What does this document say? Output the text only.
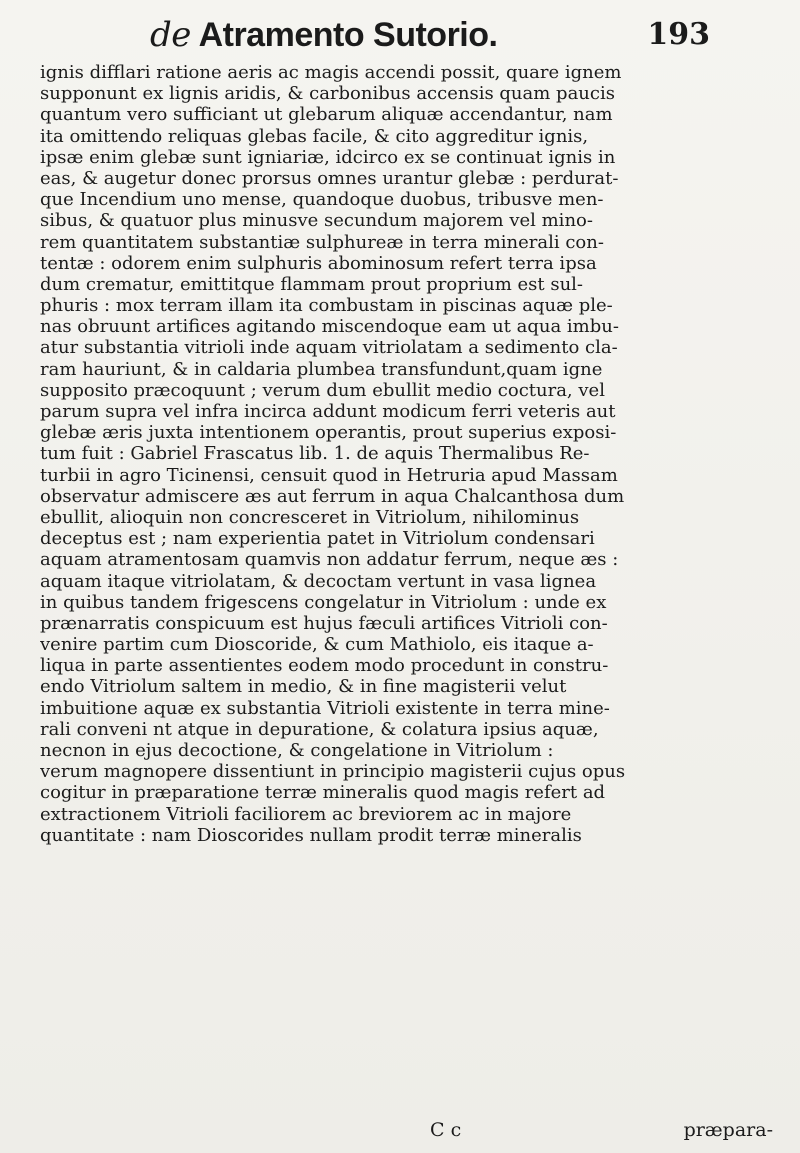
de Atramento Sutorio.	193
ignis difflari ratione aeris ac magis accendi possit, quare ignem
supponunt ex lignis aridis, & carbonibus accensis quam paucis
quantum vero sufficiant ut glebarum aliquæ accendantur, nam
ita omittendo reliquas glebas facile, & cito aggreditur ignis,
ipsæ enim glebæ sunt igniariæ, idcirco ex se continuat ignis in
eas, & augetur donec prorsus omnes urantur glebæ : perdurat-
que Incendium uno mense, quandoque duobus, tribusve men-
sibus, & quatuor plus minusve secundum majorem vel mino-
rem quantitatem substantiæ sulphureæ in terra minerali con-
tentæ : odorem enim sulphuris abominosum refert terra ipsa
dum crematur, emittitque flammam prout proprium est sul-
phuris : mox terram illam ita combustam in piscinas aquæ ple-
nas obruunt artifices agitando miscendoque eam ut aqua imbu-
atur substantia vitrioli inde aquam vitriolatam a sedimento cla-
ram hauriunt, & in caldaria plumbea transfundunt,quam igne
supposito præcoquunt ; verum dum ebullit medio coctura, vel
parum supra vel infra incirca addunt modicum ferri veteris aut
glebæ æris juxta intentionem operantis, prout superius exposi-
tum fuit : Gabriel Frascatus lib. 1. de aquis Thermalibus Re-
turbii in agro Ticinensi, censuit quod in Hetruria apud Massam
observatur admiscere æs aut ferrum in aqua Chalcanthosa dum
ebullit, alioquin non concresceret in Vitriolum, nihilominus
deceptus est ; nam experientia patet in Vitriolum condensari
aquam atramentosam quamvis non addatur ferrum, neque æs :
aquam itaque vitriolatam, & decoctam vertunt in vasa lignea
in quibus tandem frigescens congelatur in Vitriolum : unde ex
prænarratis conspicuum est hujus fæculi artifices Vitrioli con-
venire partim cum Dioscoride, & cum Mathiolo, eis itaque a-
liqua in parte assentientes eodem modo procedunt in constru-
endo Vitriolum saltem in medio, & in fine magisterii velut
imbuitione aquæ ex substantia Vitrioli existente in terra mine-
rali conveni nt atque in depuratione, & colatura ipsius aquæ,
necnon in ejus decoctione, & congelatione in Vitriolum :
verum magnopere dissentiunt in principio magisterii cujus opus
cogitur in præparatione terræ mineralis quod magis refert ad
extractionem Vitrioli faciliorem ac breviorem ac in majore
quantitate : nam Dioscorides nullam prodit terræ mineralis
C c	præpara-
